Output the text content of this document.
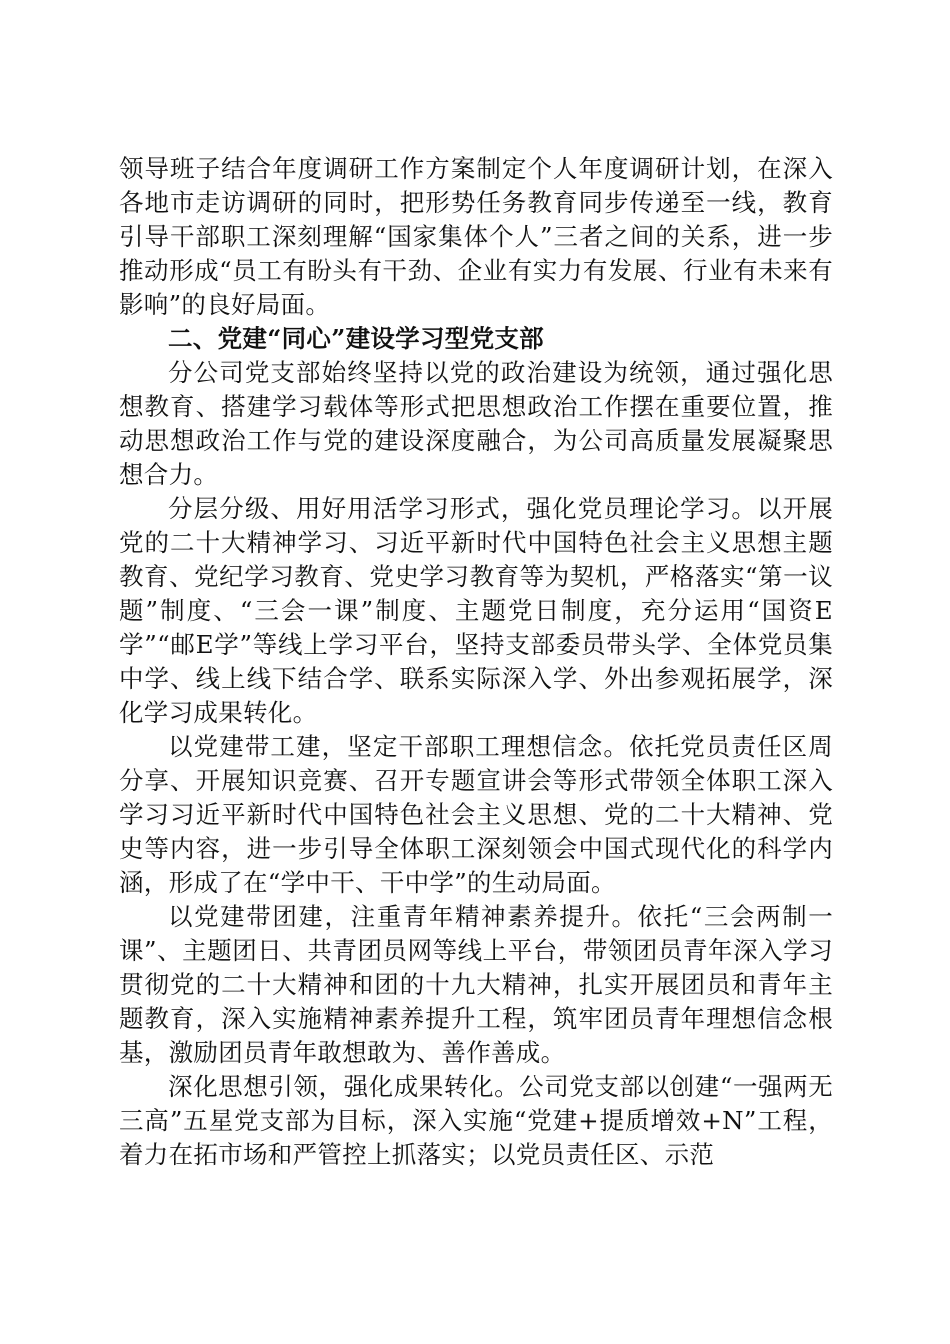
领导班子结合年度调研工作方案制定个人年度调研计划，在深入各地市走访调研的同时，把形势任务教育同步传递至一线，教育引导干部职工深刻理解“国家集体个人”三者之间的关系，进一步推动形成“员工有盼头有干劲、企业有实力有发展、行业有未来有影响”的良好局面。

二、党建“同心”建设学习型党支部

分公司党支部始终坚持以党的政治建设为统领，通过强化思想教育、搭建学习载体等形式把思想政治工作摆在重要位置，推动思想政治工作与党的建设深度融合，为公司高质量发展凝聚思想合力。

分层分级、用好用活学习形式，强化党员理论学习。以开展党的二十大精神学习、习近平新时代中国特色社会主义思想主题教育、党纪学习教育、党史学习教育等为契机，严格落实“第一议题”制度、“三会一课”制度、主题党日制度，充分运用“国资E学”“邮E学”等线上学习平台，坚持支部委员带头学、全体党员集中学、线上线下结合学、联系实际深入学、外出参观拓展学，深化学习成果转化。

以党建带工建，坚定干部职工理想信念。依托党员责任区周分享、开展知识竞赛、召开专题宣讲会等形式带领全体职工深入学习习近平新时代中国特色社会主义思想、党的二十大精神、党史等内容，进一步引导全体职工深刻领会中国式现代化的科学内涵，形成了在“学中干、干中学”的生动局面。

以党建带团建，注重青年精神素养提升。依托“三会两制一课”、主题团日、共青团员网等线上平台，带领团员青年深入学习贯彻党的二十大精神和团的十九大精神，扎实开展团员和青年主题教育，深入实施精神素养提升工程，筑牢团员青年理想信念根基，激励团员青年敢想敢为、善作善成。

深化思想引领，强化成果转化。公司党支部以创建“一强两无三高”五星党支部为目标，深入实施“党建+提质增效+N”工程，着力在拓市场和严管控上抓落实；以党员责任区、示范
